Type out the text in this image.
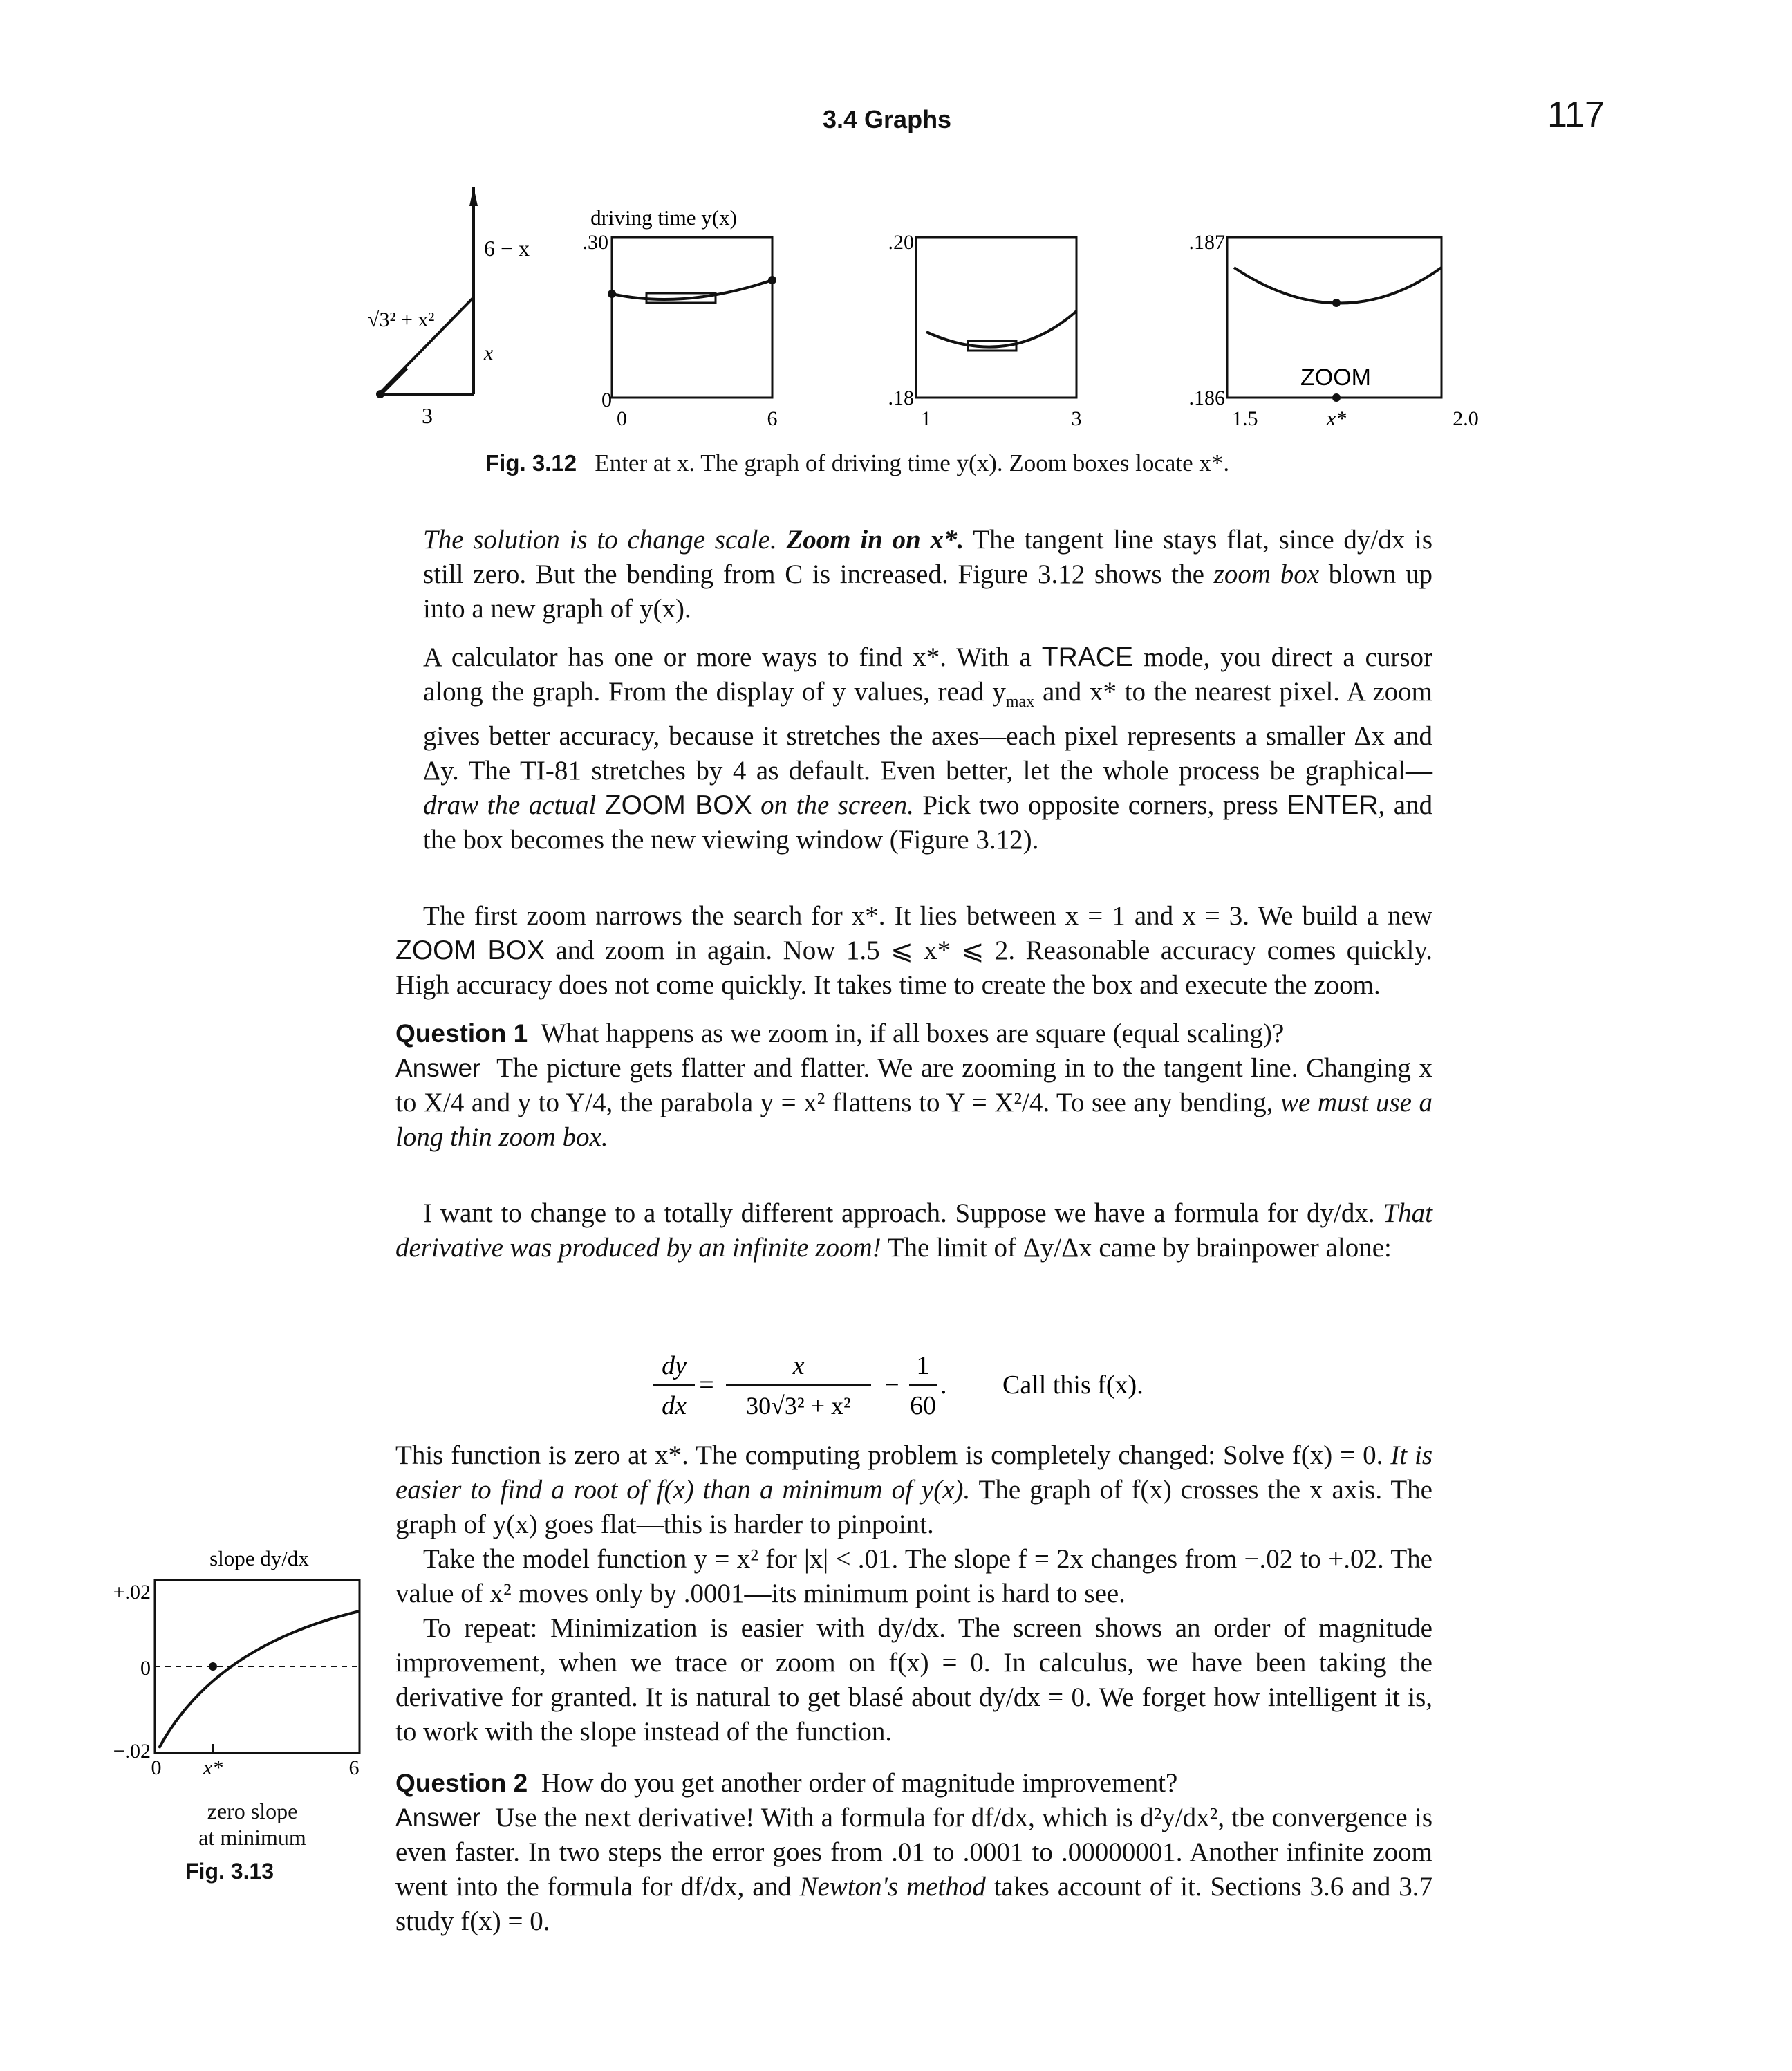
3.4 Graphs	117
6 − x
√3² + x²
x
3
driving time y(x)
.30
0
0	6
.20
.18
1	3
ZOOM
.187
.186
1.5	x*	2.0
Fig. 3.12 Enter at x. The graph of driving time y(x). Zoom boxes locate x*.

The solution is to change scale. Zoom in on x*. The tangent line stays flat, since dy/dx is still zero. But the bending from C is increased. Figure 3.12 shows the zoom box blown up into a new graph of y(x).

A calculator has one or more ways to find x*. With a TRACE mode, you direct a cursor along the graph. From the display of y values, read $y_{max}$ and x* to the nearest pixel. A zoom gives better accuracy, because it stretches the axes—each pixel represents a smaller Δx and Δy. The TI-81 stretches by 4 as default. Even better, let the whole process be graphical—draw the actual ZOOM BOX on the screen. Pick two opposite corners, press ENTER, and the box becomes the new viewing window (Figure 3.12).

The first zoom narrows the search for x*. It lies between x = 1 and x = 3. We build a new ZOOM BOX and zoom in again. Now 1.5 ⩽ x* ⩽ 2. Reasonable accuracy comes quickly. High accuracy does not come quickly. It takes time to create the box and execute the zoom.

Question 1 What happens as we zoom in, if all boxes are square (equal scaling)?
Answer The picture gets flatter and flatter. We are zooming in to the tangent line. Changing x to X/4 and y to Y/4, the parabola y = x² flattens to Y = X²/4. To see any bending, we must use a long thin zoom box.

I want to change to a totally different approach. Suppose we have a formula for dy/dx. That derivative was produced by an infinite zoom! The limit of Δy/Δx came by brainpower alone:

dy
dx
=
x
30√3² + x²
−
1
60
. Call this f(x).

This function is zero at x*. The computing problem is completely changed: Solve f(x) = 0. It is easier to find a root of f(x) than a minimum of y(x). The graph of f(x) crosses the x axis. The graph of y(x) goes flat—this is harder to pinpoint.

Take the model function y = x² for |x| < .01. The slope f = 2x changes from −.02 to +.02. The value of x² moves only by .0001—its minimum point is hard to see.

To repeat: Minimization is easier with dy/dx. The screen shows an order of magnitude improvement, when we trace or zoom on f(x) = 0. In calculus, we have been taking the derivative for granted. It is natural to get blasé about dy/dx = 0. We forget how intelligent it is, to work with the slope instead of the function.

Question 2 How do you get another order of magnitude improvement?
Answer Use the next derivative! With a formula for df/dx, which is d²y/dx², tbe convergence is even faster. In two steps the error goes from .01 to .0001 to .00000001. Another infinite zoom went into the formula for df/dx, and Newton's method takes account of it. Sections 3.6 and 3.7 study f(x) = 0.

slope dy/dx
+.02
0
−.02
0 x*	6
zero slope
at minimum
Fig. 3.13
